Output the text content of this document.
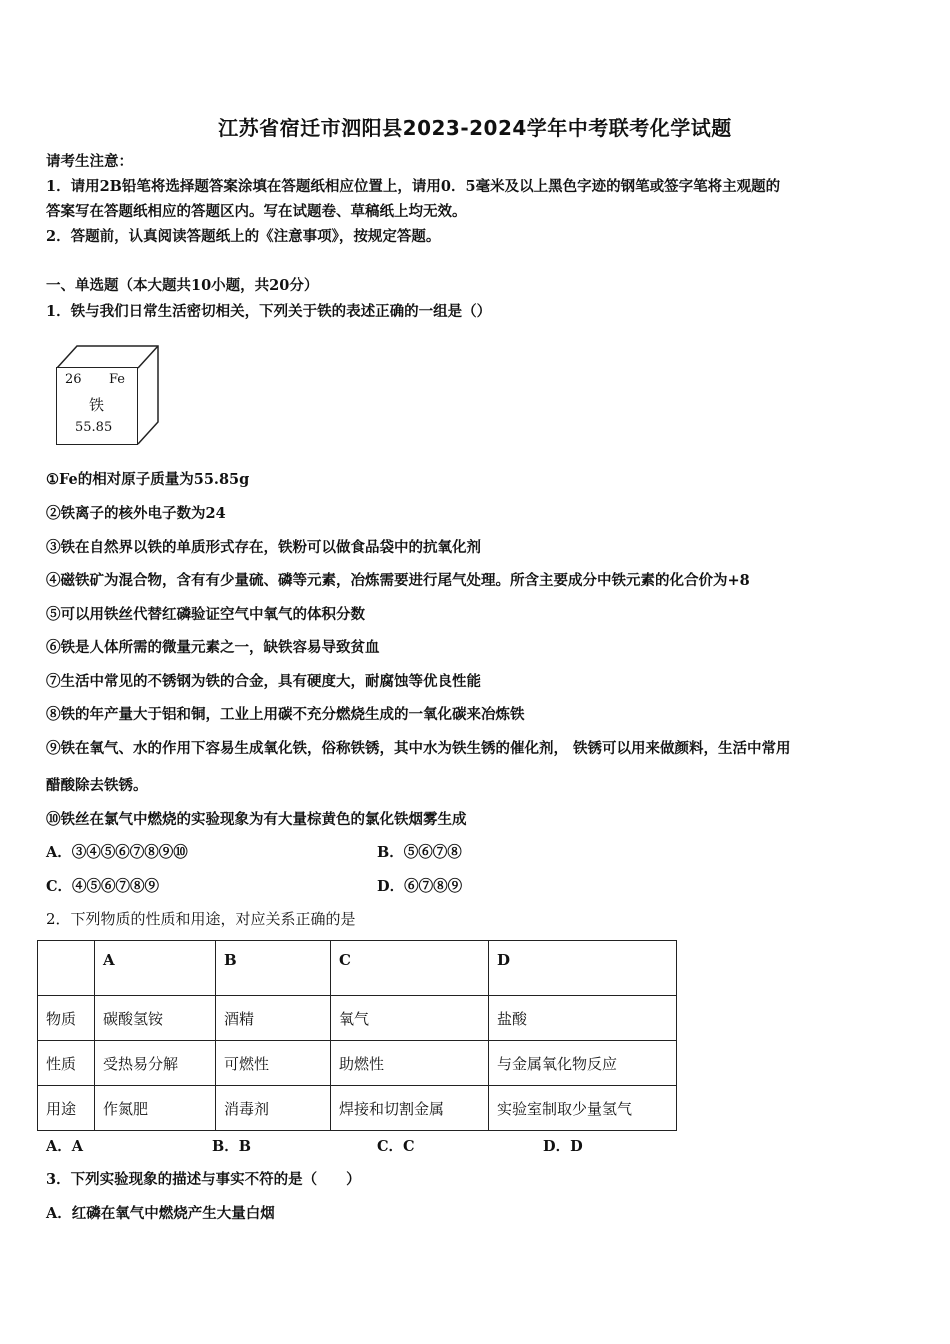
江苏省宿迁市泗阳县2023-2024学年中考联考化学试题
请考生注意：
1．请用2B铅笔将选择题答案涂填在答题纸相应位置上，请用0．5毫米及以上黑色字迹的钢笔或签字笔将主观题的
答案写在答题纸相应的答题区内。写在试题卷、草稿纸上均无效。
2．答题前，认真阅读答题纸上的《注意事项》，按规定答题。
一、单选题（本大题共10小题，共20分）
1．铁与我们日常生活密切相关，下列关于铁的表述正确的一组是（）
26 Fe
铁
55.85
①Fe的相对原子质量为55.85g
②铁离子的核外电子数为24
③铁在自然界以铁的单质形式存在，铁粉可以做食品袋中的抗氧化剂
④磁铁矿为混合物，含有有少量硫、磷等元素，冶炼需要进行尾气处理。所含主要成分中铁元素的化合价为+8
⑤可以用铁丝代替红磷验证空气中氧气的体积分数
⑥铁是人体所需的微量元素之一，缺铁容易导致贫血
⑦生活中常见的不锈钢为铁的合金，具有硬度大，耐腐蚀等优良性能
⑧铁的年产量大于铝和铜，工业上用碳不充分燃烧生成的一氧化碳来冶炼铁
⑨铁在氧气、水的作用下容易生成氧化铁，俗称铁锈，其中水为铁生锈的催化剂， 铁锈可以用来做颜料，生活中常用
醋酸除去铁锈。
⑩铁丝在氯气中燃烧的实验现象为有大量棕黄色的氯化铁烟雾生成
A．③④⑤⑥⑦⑧⑨⑩	B．⑤⑥⑦⑧
C．④⑤⑥⑦⑧⑨	D．⑥⑦⑧⑨
2．下列物质的性质和用途，对应关系正确的是
	A	B	C	D
物质	碳酸氢铵	酒精	氧气	盐酸
性质	受热易分解	可燃性	助燃性	与金属氧化物反应
用途	作氮肥	消毒剂	焊接和切割金属	实验室制取少量氢气
A．A	B．B	C．C	D．D
3．下列实验现象的描述与事实不符的是（　　）
A．红磷在氧气中燃烧产生大量白烟
